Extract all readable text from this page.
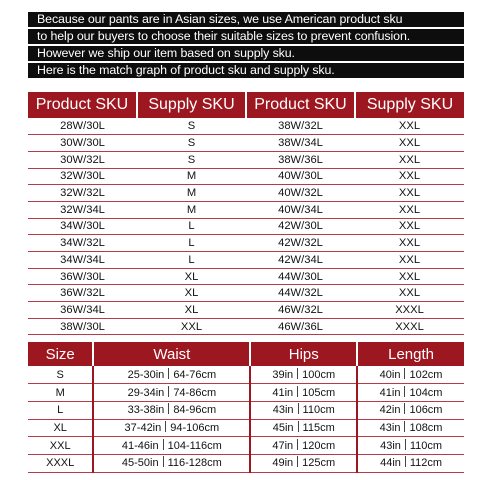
Because our pants are in Asian sizes, we use American product sku
to help our buyers to choose their suitable sizes to prevent confusion.
However we ship our item based on supply sku.
Here is the match graph of product sku and supply sku.
Product SKU	Supply SKU	Product SKU	Supply SKU
28W/30L	S	38W/32L	XXL
30W/30L	S	38W/34L	XXL
30W/32L	S	38W/36L	XXL
32W/30L	M	40W/30L	XXL
32W/32L	M	40W/32L	XXL
32W/34L	M	40W/34L	XXL
34W/30L	L	42W/30L	XXL
34W/32L	L	42W/32L	XXL
34W/34L	L	42W/34L	XXL
36W/30L	XL	44W/30L	XXL
36W/32L	XL	44W/32L	XXL
36W/34L	XL	46W/32L	XXXL
38W/30L	XXL	46W/36L	XXXL
Size	Waist	Hips	Length
S	25-30in 64-76cm	39in 100cm	40in 102cm
M	29-34in 74-86cm	41in 105cm	41in 104cm
L	33-38in 84-96cm	43in 110cm	42in 106cm
XL	37-42in 94-106cm	45in 115cm	43in 108cm
XXL	41-46in 104-116cm	47in 120cm	43in 110cm
XXXL	45-50in 116-128cm	49in 125cm	44in 112cm
